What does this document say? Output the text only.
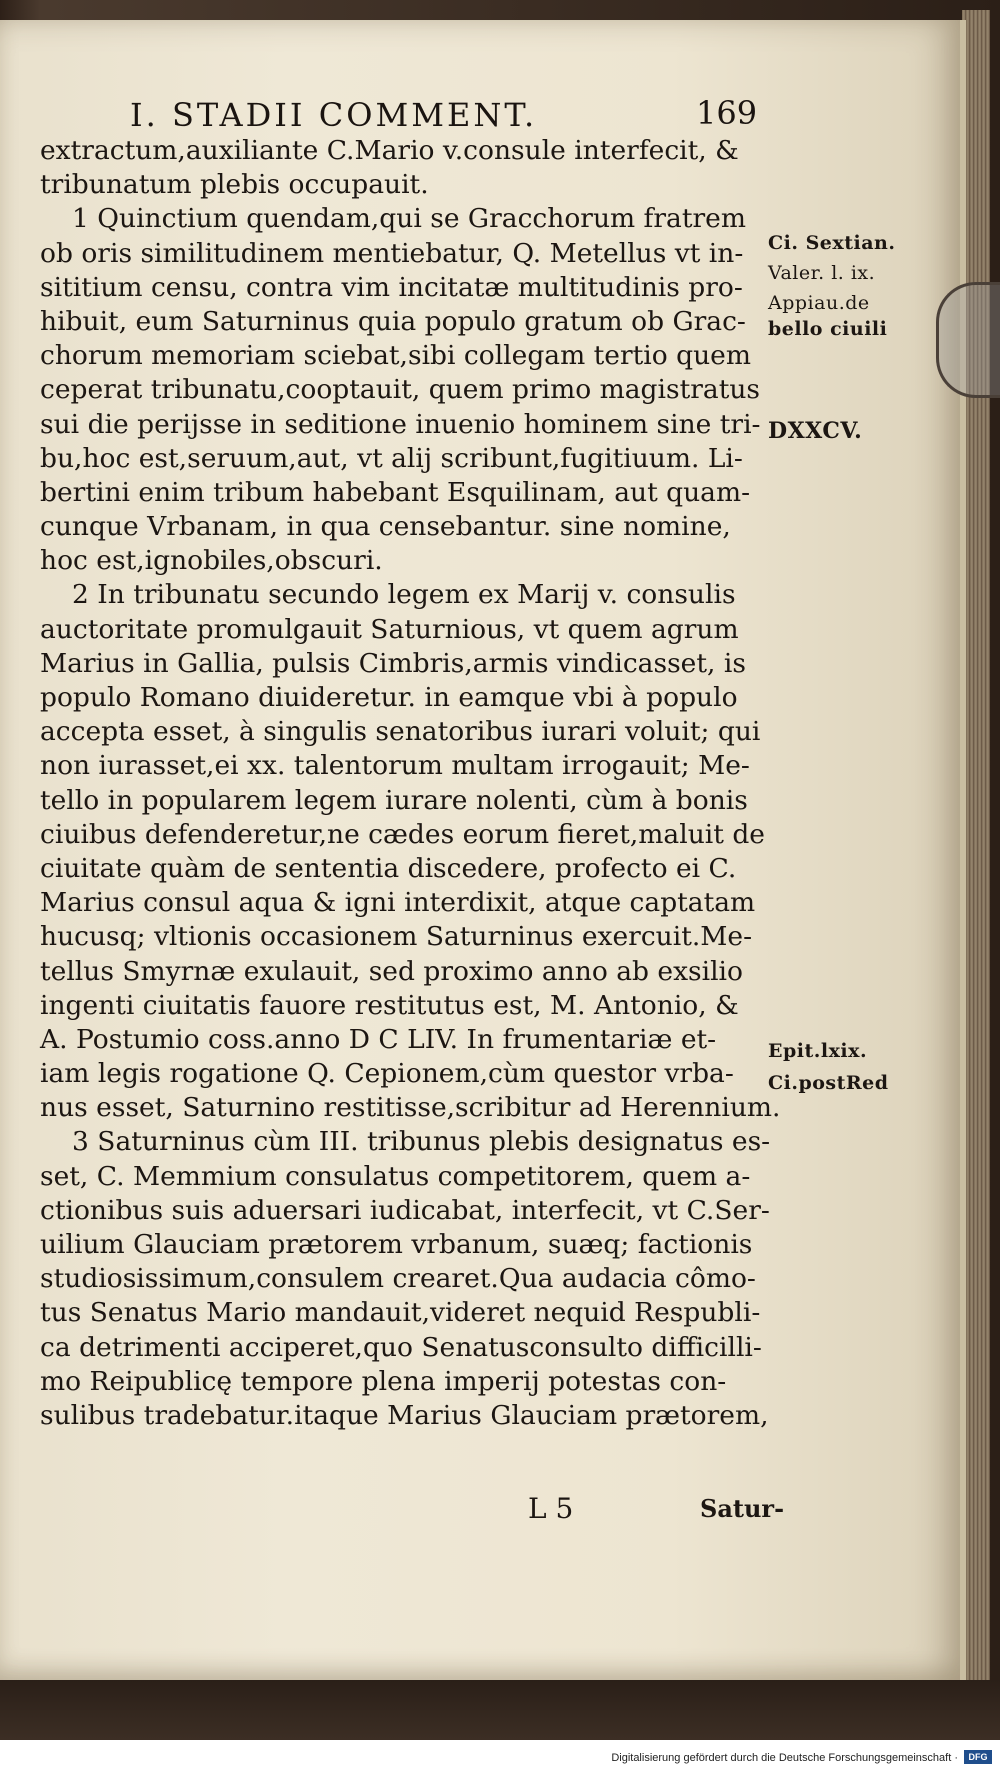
I. STADII COMMENT.	169
extractum,auxiliante C.Mario v.consule interfecit, &
tribunatum plebis occupauit.
1 Quinctium quendam,qui se Gracchorum fratrem
ob oris similitudinem mentiebatur, Q. Metellus vt in-
sititium censu, contra vim incitatæ multitudinis pro-
hibuit, eum Saturninus quia populo gratum ob Grac-
chorum memoriam sciebat,sibi collegam tertio quem
ceperat tribunatu,cooptauit, quem primo magistratus
sui die perijsse in seditione inuenio hominem sine tri-
bu,hoc est,seruum,aut, vt alij scribunt,fugitiuum. Li-
bertini enim tribum habebant Esquilinam, aut quam-
cunque Vrbanam, in qua censebantur. sine nomine,
hoc est,ignobiles,obscuri.
2 In tribunatu secundo legem ex Marij v. consulis
auctoritate promulgauit Saturnious, vt quem agrum
Marius in Gallia, pulsis Cimbris,armis vindicasset, is
populo Romano diuideretur. in eamque vbi à populo
accepta esset, à singulis senatoribus iurari voluit; qui
non iurasset,ei xx. talentorum multam irrogauit; Me-
tello in popularem legem iurare nolenti, cùm à bonis
ciuibus defenderetur,ne cædes eorum fieret,maluit de
ciuitate quàm de sententia discedere, profecto ei C.
Marius consul aqua & igni interdixit, atque captatam
hucusq; vltionis occasionem Saturninus exercuit.Me-
tellus Smyrnæ exulauit, sed proximo anno ab exsilio
ingenti ciuitatis fauore restitutus est, M. Antonio, &
A. Postumio coss.anno D C LIV. In frumentariæ et-
iam legis rogatione Q. Cepionem,cùm questor vrba-
nus esset, Saturnino restitisse,scribitur ad Herennium.
3 Saturninus cùm III. tribunus plebis designatus es-
set, C. Memmium consulatus competitorem, quem a-
ctionibus suis aduersari iudicabat, interfecit, vt C.Ser-
uilium Glauciam prætorem vrbanum, suæq; factionis
studiosissimum,consulem crearet.Qua audacia cômo-
tus Senatus Mario mandauit,videret nequid Respubli-
ca detrimenti acciperet,quo Senatusconsulto difficilli-
mo Reipublicę tempore plena imperij potestas con-
sulibus tradebatur.itaque Marius Glauciam prætorem,
Ci. Sextian.
Valer. l. ix.
Appiau.de
bello ciuili
DXXCV.
Epit.lxix.
Ci.postRed
L 5	Satur-
Digitalisierung gefördert durch die Deutsche Forschungsgemeinschaft ·	DFG
